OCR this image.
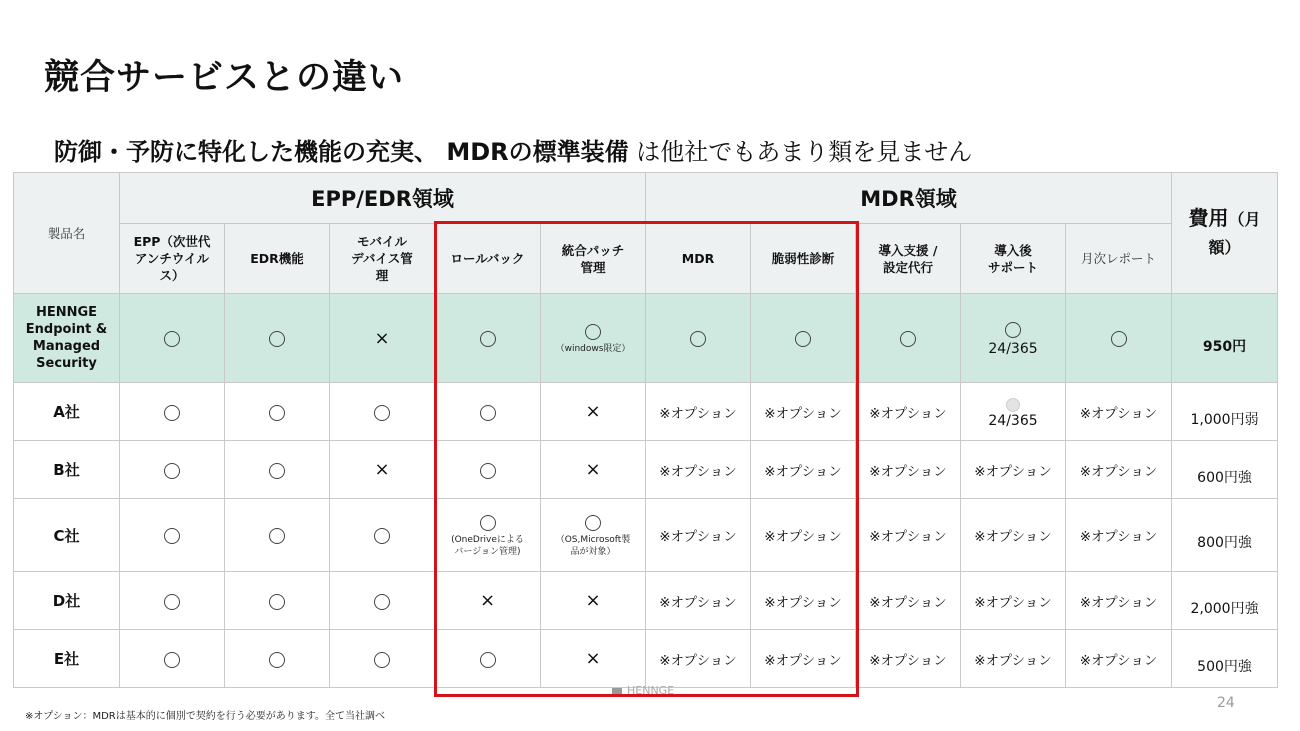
競合サービスとの違い
防御・予防に特化した機能の充実、 MDRの標準装備 は他社でもあまり類を見ません
製品名	EPP/EDR領域					MDR領域					費用（月
額）
	EPP（次世代
アンチウイル
ス）	EDR機能	モバイル
デバイス管
理	ロールバック	統合パッチ
管理	MDR	脆弱性診断	導入支援 /
設定代行	導入後
サポート	月次レポート	
HENNGE
Endpoint &
Managed
Security			×		（windows限定）				24/365		950円

A社					×	※オプション	※オプション	※オプション	24/365	※オプション	1,000円弱

B社			×		×	※オプション	※オプション	※オプション	※オプション	※オプション	600円強

C社				(OneDriveによる
バージョン管理)	（OS,Microsoft製
品が対象）	※オプション	※オプション	※オプション	※オプション	※オプション	800円強

D社				×	×	※オプション	※オプション	※オプション	※オプション	※オプション	2,000円強

E社					×	※オプション	※オプション	※オプション	※オプション	※オプション	500円強
HENNGE
※オプション：MDRは基本的に個別で契約を行う必要があります。全て当社調べ
24
